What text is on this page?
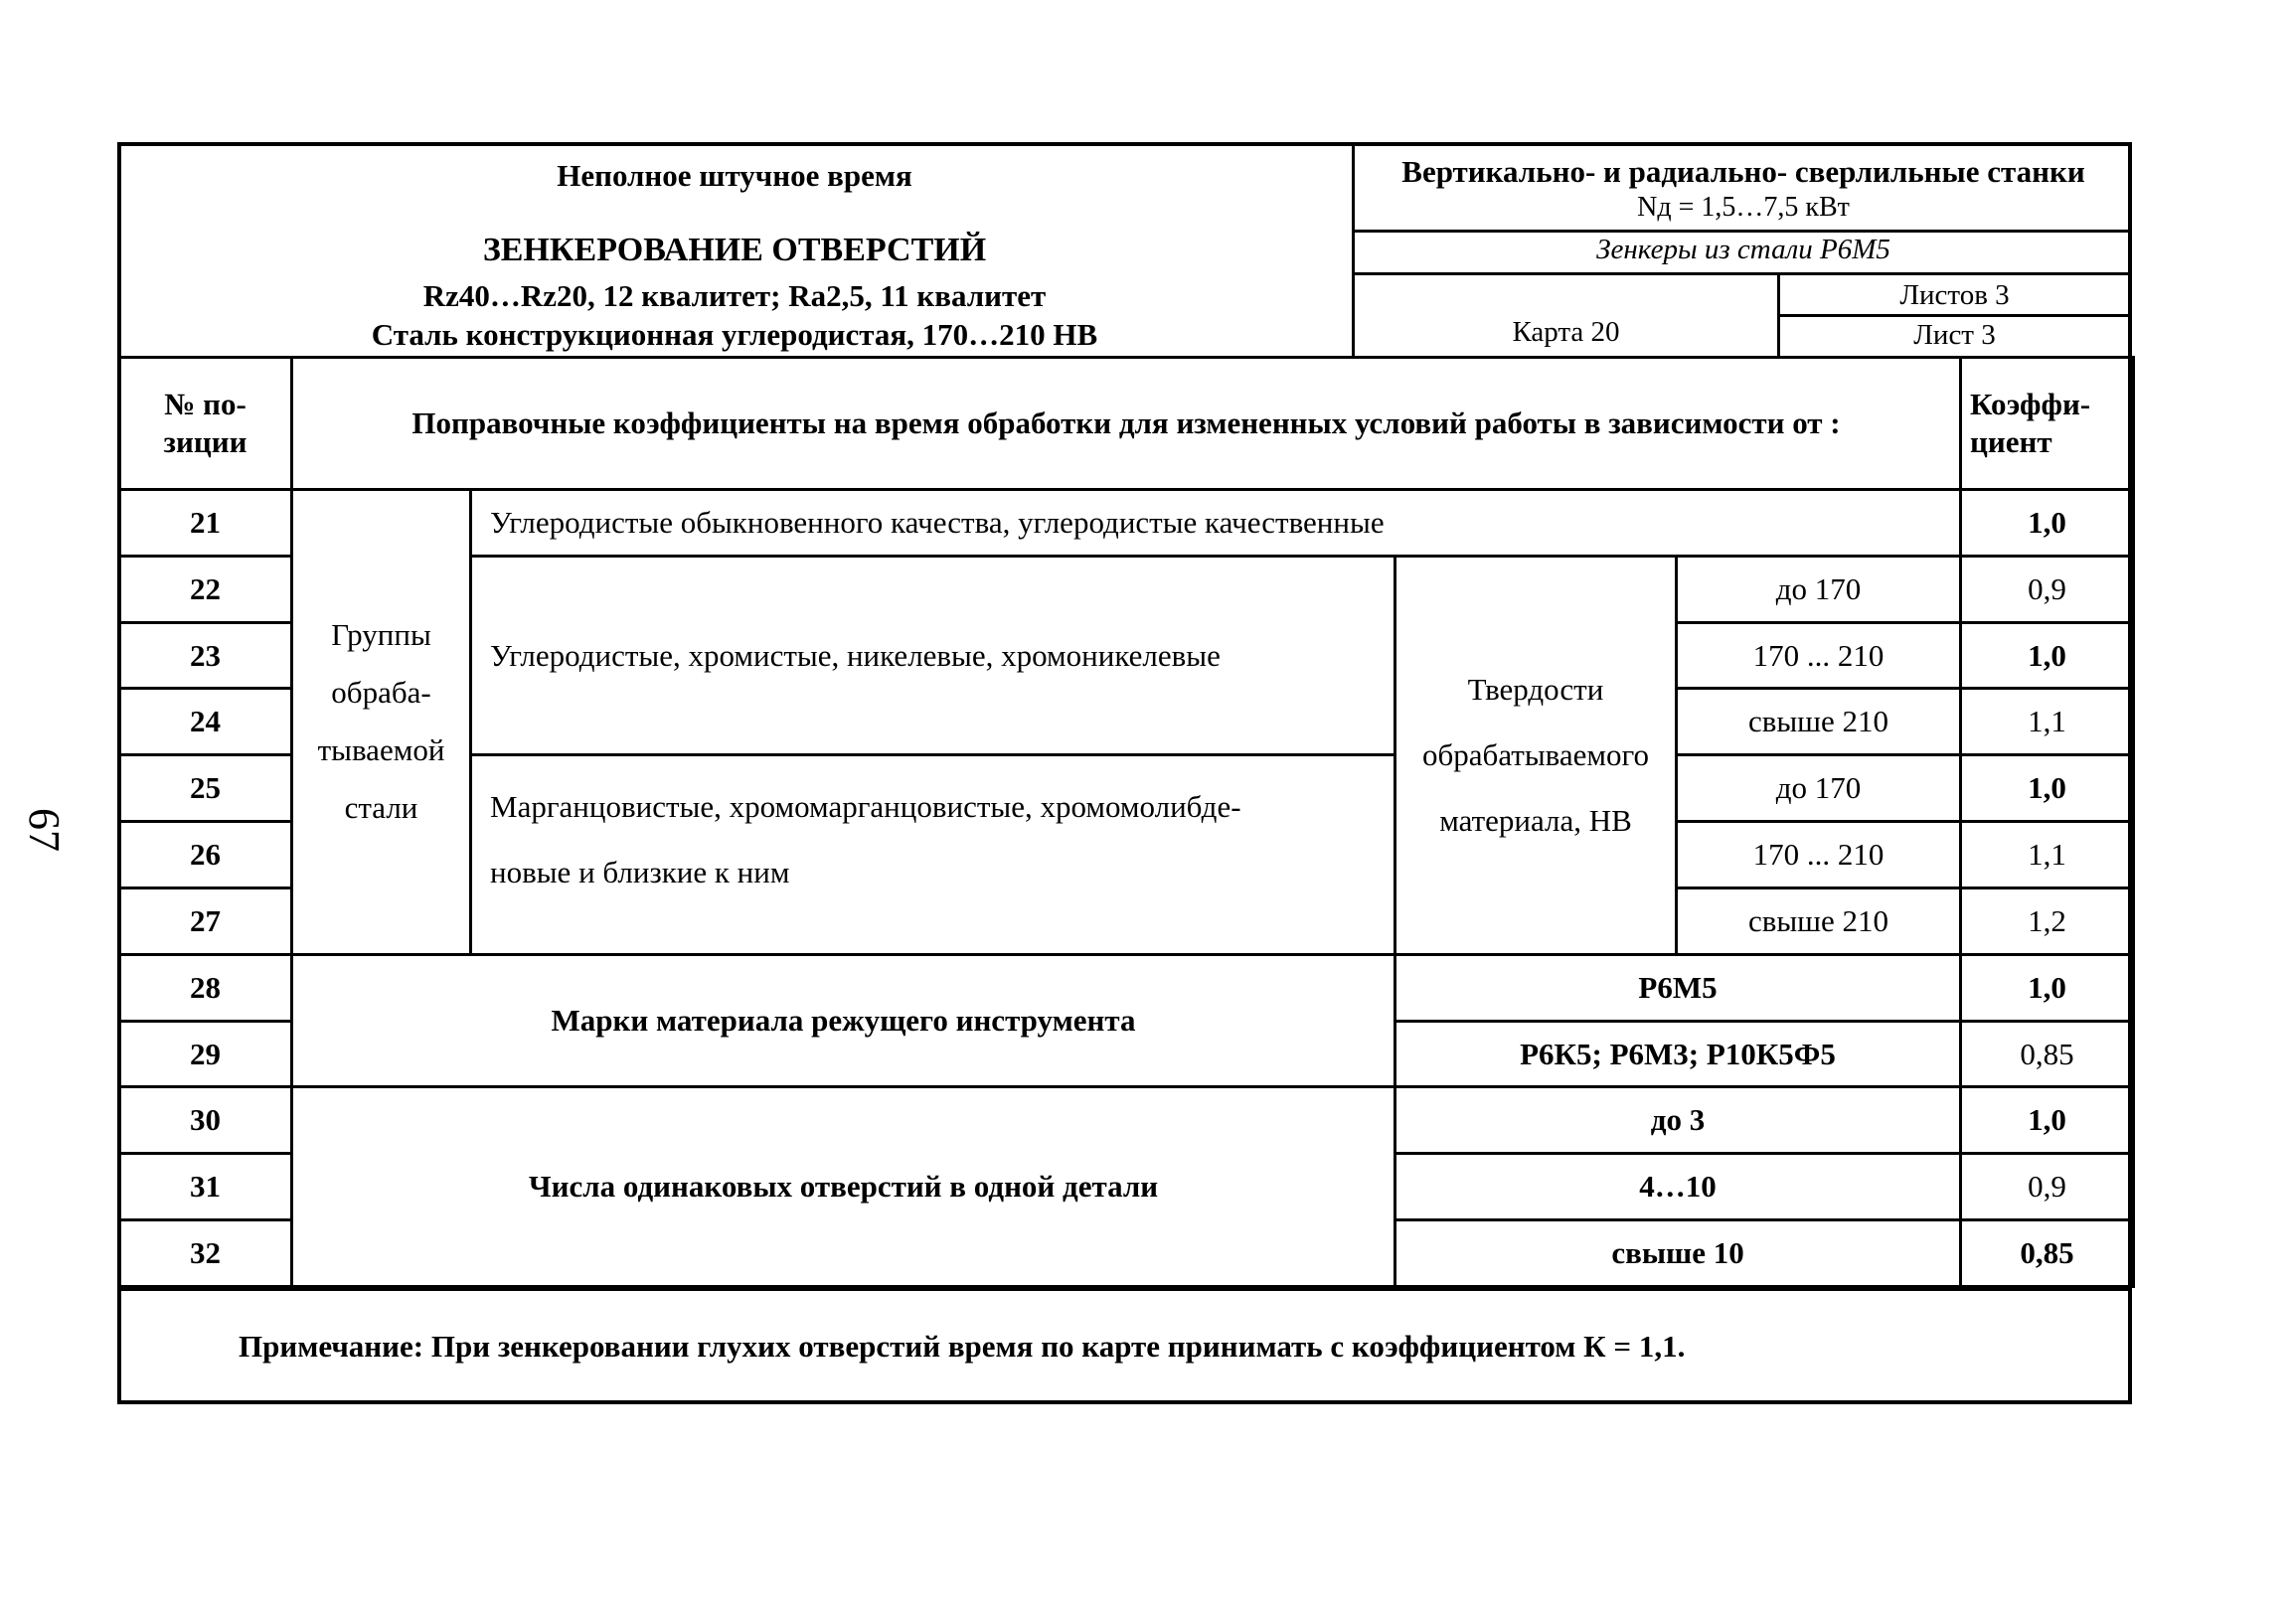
67
Неполное штучное время
ЗЕНКЕРОВАНИЕ ОТВЕРСТИЙ
Rz40…Rz20, 12 квалитет; Ra2,5, 11 квалитет
Сталь конструкционная углеродистая, 170…210 НВ
Вертикально- и радиально- сверлильные станки
Nд = 1,5…7,5 кВт
Зенкеры из стали Р6М5
Карта 20
Листов 3
Лист 3
№ по-
зиции	Поправочные коэффициенты на время обработки для измененных условий работы в зависимости от :				Коэффи-
циент
21	Группы
обраба-
тываемой
стали	Углеродистые обыкновенного качества, углеродистые качественные			1,0
22		Углеродистые, хромистые, никелевые, хромоникелевые	Твердости
обрабатываемого
материала, НВ	до 170	0,9
23				170 ... 210	1,0
24				свыше 210	1,1
25		Марганцовистые, хромомарганцовистые, хромомолибде-
новые и близкие к ним		до 170	1,0
26				170 ... 210	1,1
27				свыше 210	1,2
28	Марки материала режущего инструмента		Р6М5		1,0
29			Р6К5; Р6М3; Р10К5Ф5		0,85
30	Числа одинаковых отверстий в одной детали		до 3		1,0
31			4…10		0,9
32			свыше 10		0,85
Примечание: При зенкеровании глухих отверстий время по карте принимать с коэффициентом К = 1,1.
